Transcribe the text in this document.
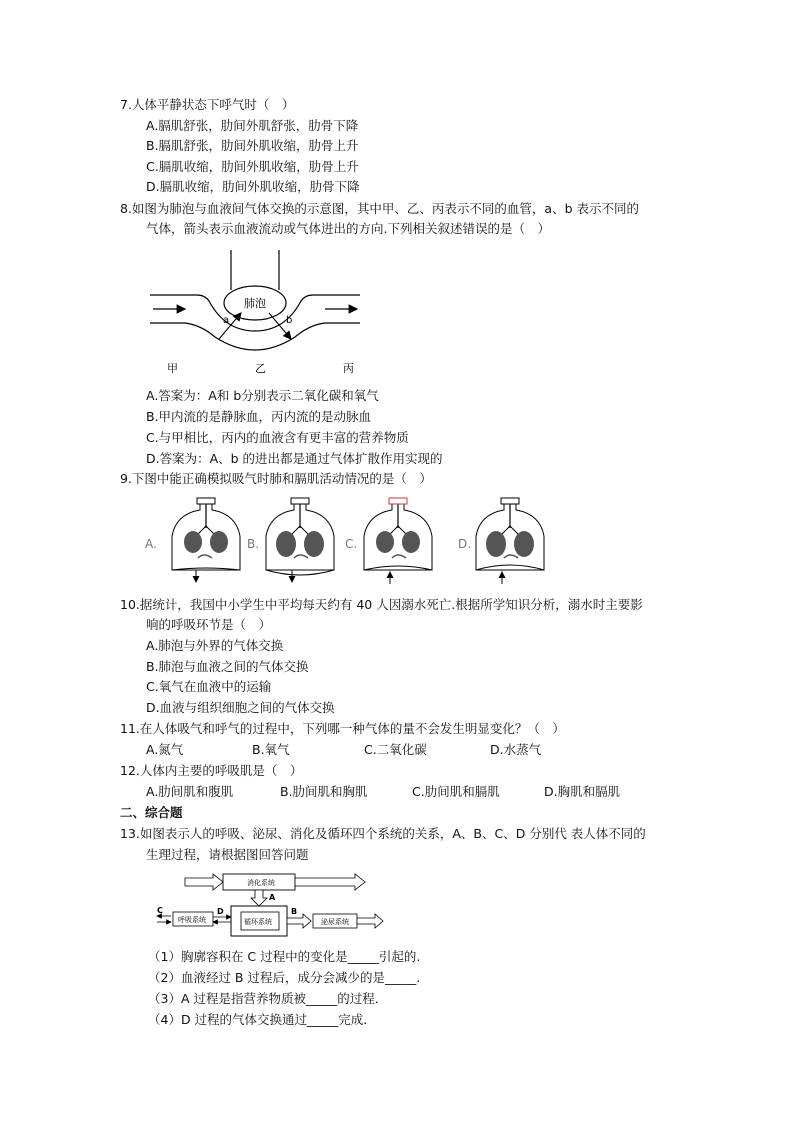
7.人体平静状态下呼气时（　）
A.膈肌舒张，肋间外肌舒张，肋骨下降
B.膈肌舒张，肋间外肌收缩，肋骨上升
C.膈肌收缩，肋间外肌收缩，肋骨上升
D.膈肌收缩，肋间外肌收缩，肋骨下降
8.如图为肺泡与血液间气体交换的示意图，其中甲、乙、丙表示不同的血管，a、b 表示不同的
气体，箭头表示血液流动或气体进出的方向.下列相关叙述错误的是（　）
肺泡
a	b
甲	乙	丙
A.答案为：A和 b分别表示二氧化碳和氧气
B.甲内流的是静脉血，丙内流的是动脉血
C.与甲相比，丙内的血液含有更丰富的营养物质
D.答案为：A、b 的进出都是通过气体扩散作用实现的
9.下图中能正确模拟吸气时肺和膈肌活动情况的是（　）
A.	B.	C.	D.
10.据统计，我国中小学生中平均每天约有 40 人因溺水死亡.根据所学知识分析，溺水时主要影
响的呼吸环节是（　）
A.肺泡与外界的气体交换
B.肺泡与血液之间的气体交换
C.氧气在血液中的运输
D.血液与组织细胞之间的气体交换
11.在人体吸气和呼气的过程中，下列哪一种气体的量不会发生明显变化？（　）
A.氮气	B.氧气	C.二氧化碳	D.水蒸气
12.人体内主要的呼吸肌是（　）
A.肋间肌和腹肌	B.肋间肌和胸肌	C.肋间肌和膈肌	D.胸肌和膈肌
二、综合题
13.如图表示人的呼吸、泌尿、消化及循环四个系统的关系，A、B、C、D 分别代 表人体不同的
生理过程，请根据图回答问题
消化系统
A
循环系统
呼吸系统
C	D	B
泌尿系统
（1）胸廓容积在 C 过程中的变化是_____引起的.
（2）血液经过 B 过程后，成分会减少的是_____.
（3）A 过程是指营养物质被_____的过程.
（4）D 过程的气体交换通过_____完成.
